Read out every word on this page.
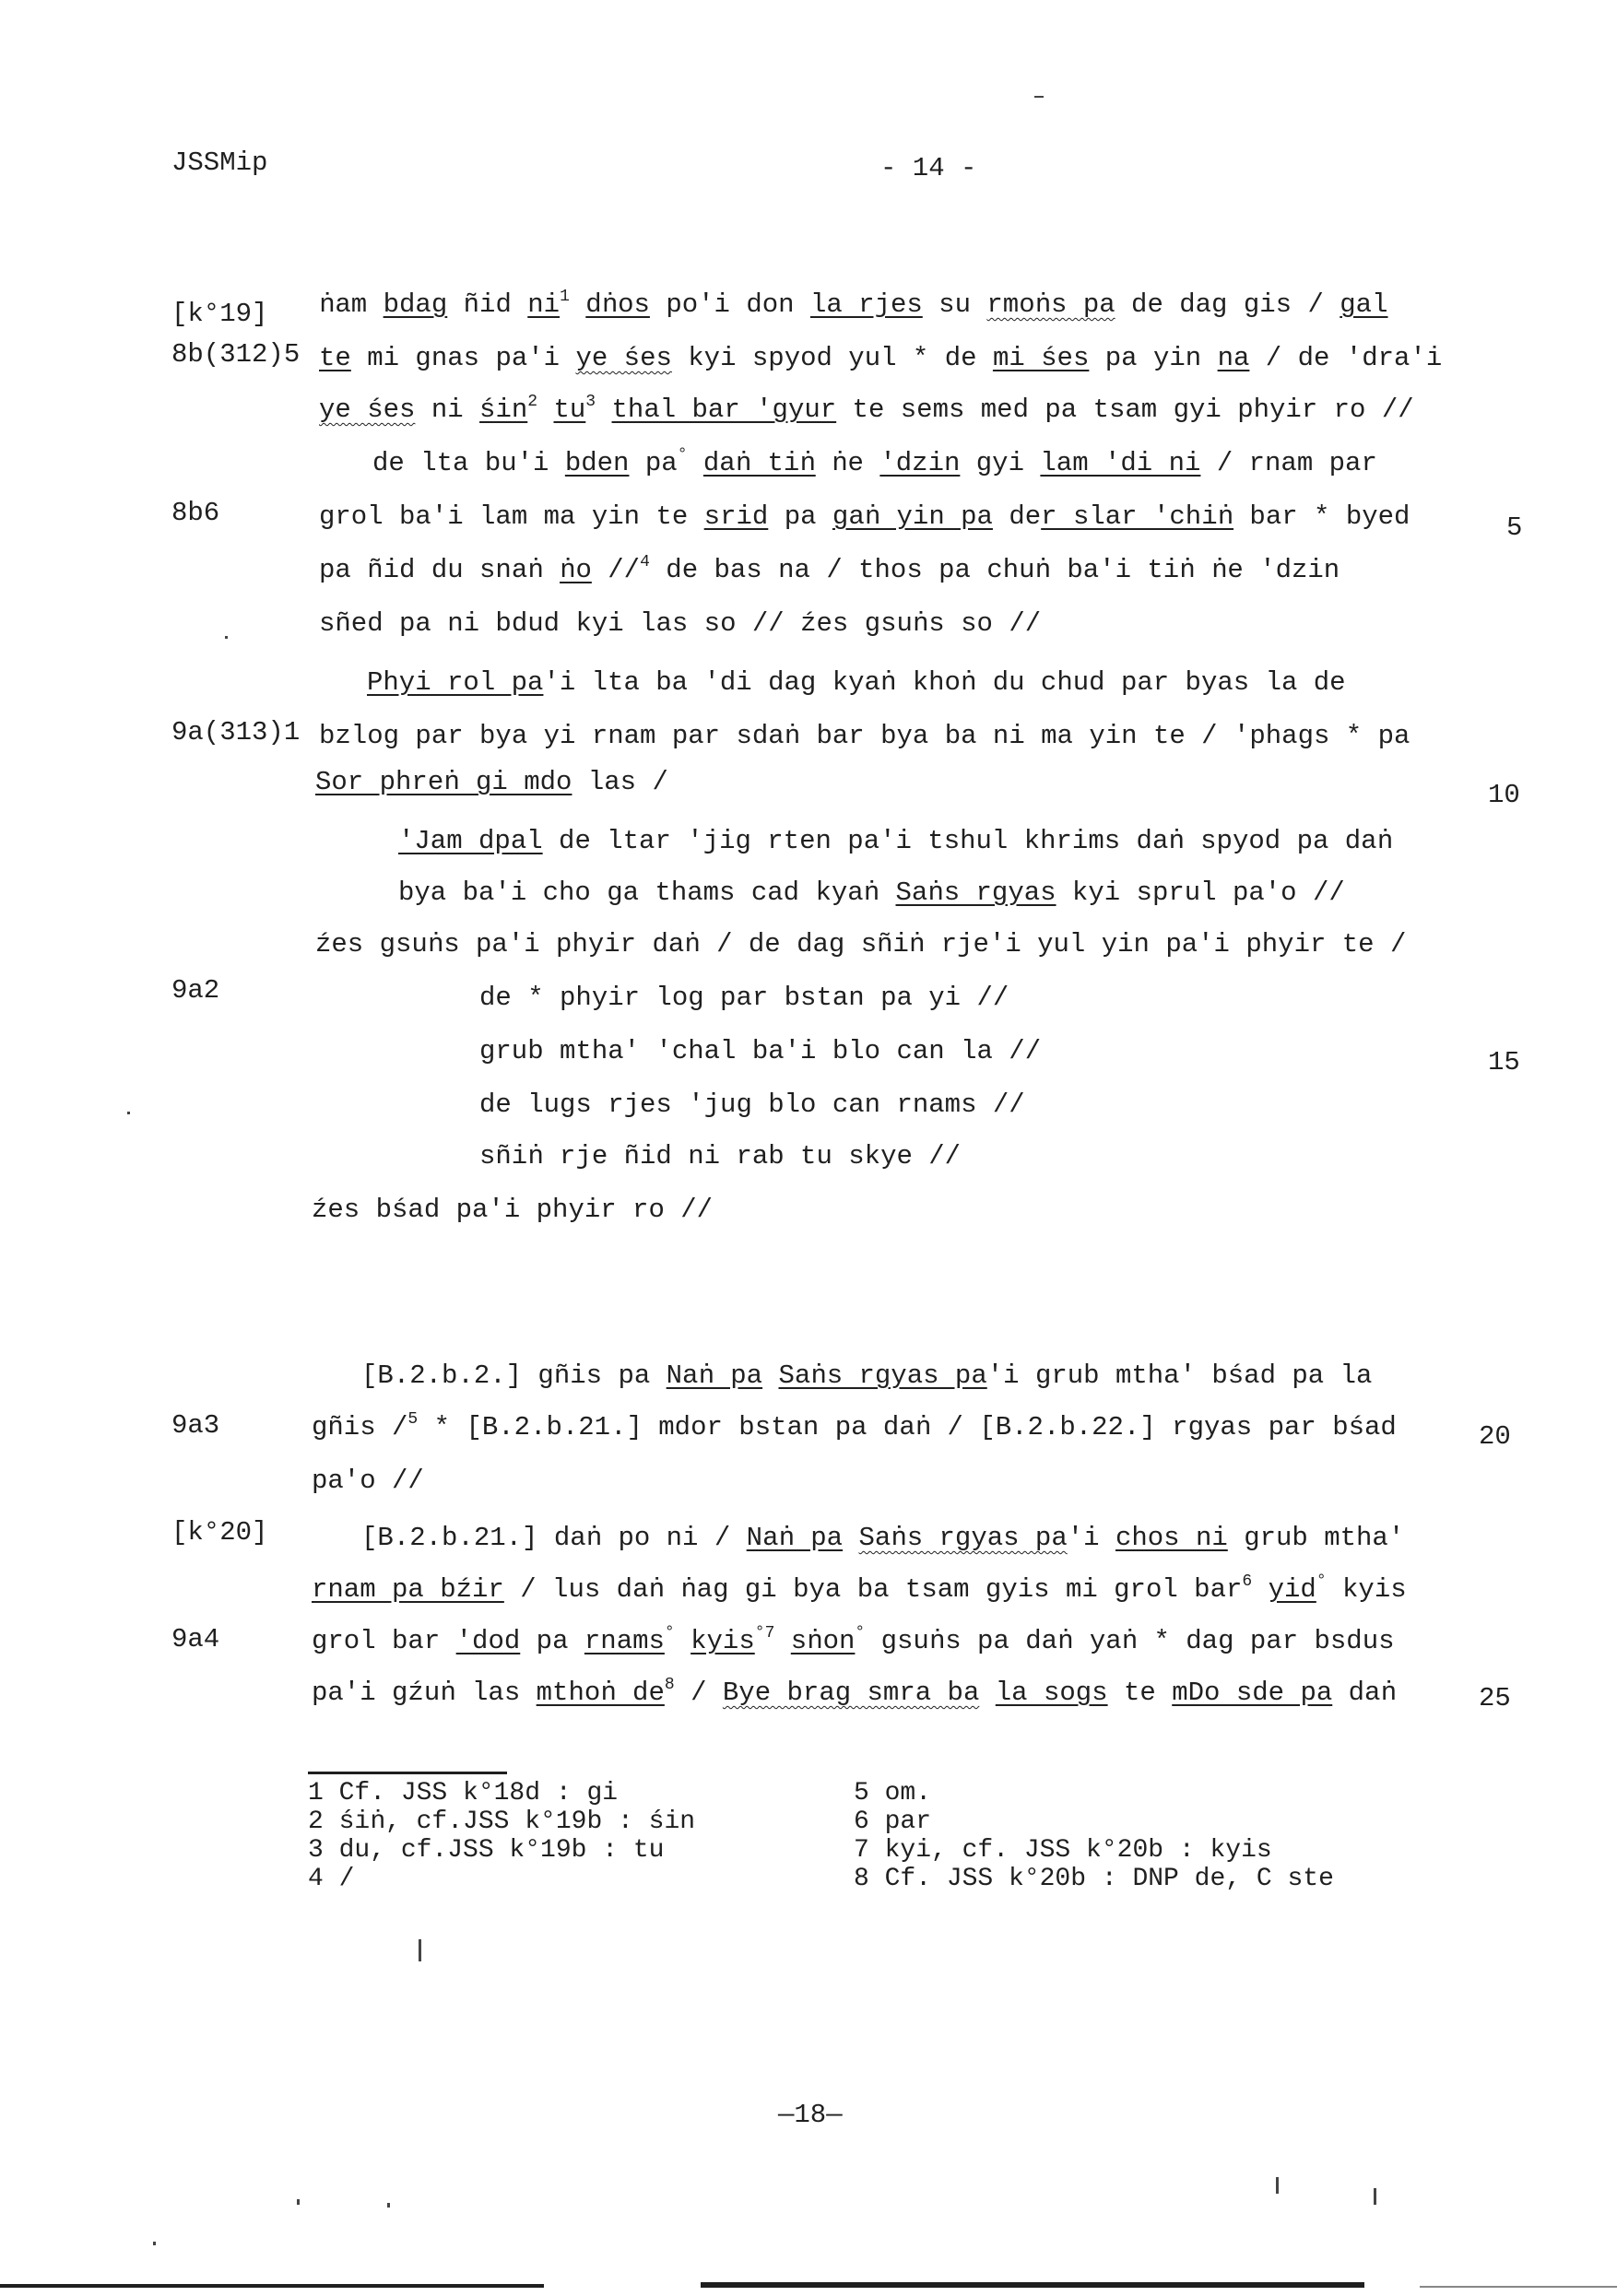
JSSMip	- 14 -
[k°19]
8b(312)5
8b6
9a(313)1
9a2
9a3
[k°20]
9a4
5
10
15
20
25
ṅam bdag ñid $ni^1$ dṅos po'i don la rjes su rmoṅs pa de dag gis / gal
te mi gnas pa'i ye śes kyi spyod yul * de mi śes pa yin na / de 'dra'i
ye śes ni śin$^2$ $tu^3$ thal bar 'gyur te sems med pa tsam gyi phyir ro //
de lta bu'i bden pa° daṅ tiṅ ṅe 'dzin gyi lam 'di ni / rnam par
grol ba'i lam ma yin te srid pa gaṅ yin pa der slar 'chiṅ bar * byed
pa ñid du snaṅ ṅo //$^4$ de bas na / thos pa chuṅ ba'i tiṅ ṅe 'dzin
sñed pa ni bdud kyi las so // źes gsuṅs so //
Phyi rol pa'i lta ba 'di dag kyaṅ khoṅ du chud par byas la de
bzlog par bya yi rnam par sdaṅ bar bya ba ni ma yin te / 'phags * pa
Sor phreṅ gi mdo las /
'Jam dpal de ltar 'jig rten pa'i tshul khrims daṅ spyod pa daṅ
bya ba'i cho ga thams cad kyaṅ Saṅs rgyas kyi sprul pa'o //
źes gsuṅs pa'i phyir daṅ / de dag sñiṅ rje'i yul yin pa'i phyir te /
de * phyir log par bstan pa yi //
grub mtha' 'chal ba'i blo can la //
de lugs rjes 'jug blo can rnams //
sñiṅ rje ñid ni rab tu skye //
źes bśad pa'i phyir ro //
[B.2.b.2.] gñis pa Naṅ pa Saṅs rgyas pa'i grub mtha' bśad pa la
gñis /$^5$ * [B.2.b.21.] mdor bstan pa daṅ / [B.2.b.22.] rgyas par bśad
pa'o //
[B.2.b.21.] daṅ po ni / Naṅ pa Saṅs rgyas pa'i chos ni grub mtha'
rnam pa bźir / lus daṅ ṅag gi bya ba tsam gyis mi grol bar$^6$ yid° kyis
grol bar 'dod pa rnams° kyis$^{^\circ 7}$ sṅon° gsuṅs pa daṅ yaṅ * dag par bsdus
pa'i gźuṅ las mthoṅ $de^8$ / Bye brag smra ba la sogs te mDo sde pa daṅ
1 Cf. JSS k°18d : gi
2 śiṅ, cf.JSS k°19b : śin
3 du, cf.JSS k°19b : tu
4 /
5 om.
6 par
7 kyi, cf. JSS k°20b : kyis
8 Cf. JSS k°20b : DNP de, C ste
—18—
